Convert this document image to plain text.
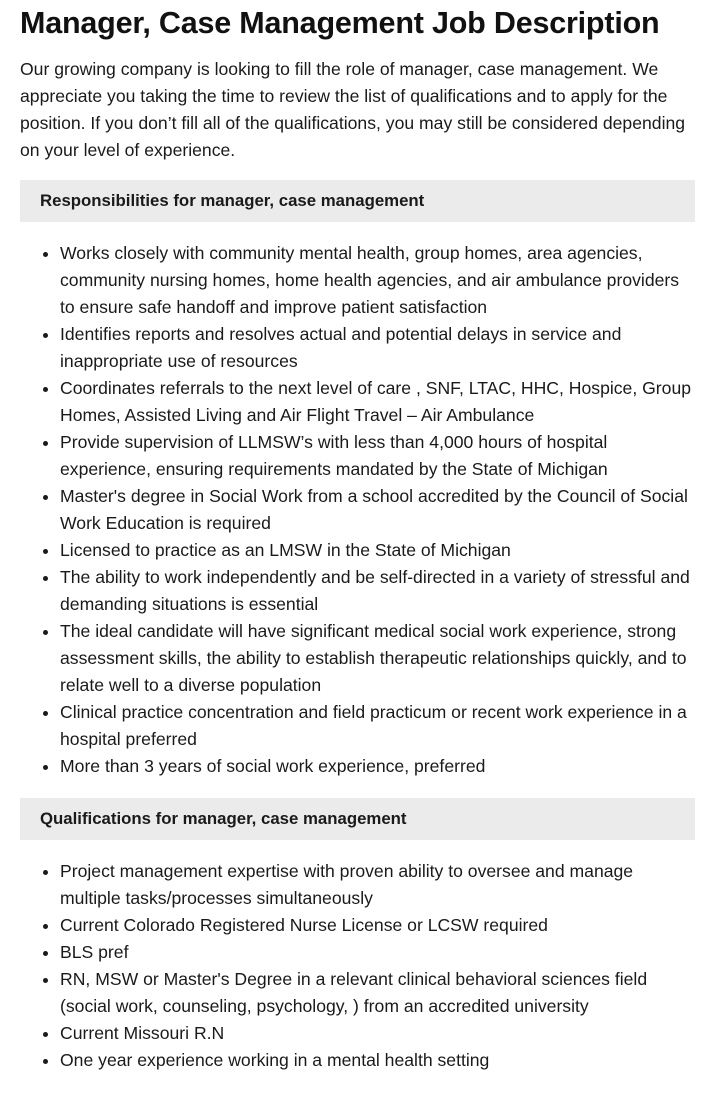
Manager, Case Management Job Description

Our growing company is looking to fill the role of manager, case management. We appreciate you taking the time to review the list of qualifications and to apply for the position. If you don’t fill all of the qualifications, you may still be considered depending on your level of experience.

Responsibilities for manager, case management
• Works closely with community mental health, group homes, area agencies, community nursing homes, home health agencies, and air ambulance providers to ensure safe handoff and improve patient satisfaction
• Identifies reports and resolves actual and potential delays in service and inappropriate use of resources
• Coordinates referrals to the next level of care , SNF, LTAC, HHC, Hospice, Group Homes, Assisted Living and Air Flight Travel – Air Ambulance
• Provide supervision of LLMSW’s with less than 4,000 hours of hospital experience, ensuring requirements mandated by the State of Michigan
• Master's degree in Social Work from a school accredited by the Council of Social Work Education is required
• Licensed to practice as an LMSW in the State of Michigan
• The ability to work independently and be self-directed in a variety of stressful and demanding situations is essential
• The ideal candidate will have significant medical social work experience, strong assessment skills, the ability to establish therapeutic relationships quickly, and to relate well to a diverse population
• Clinical practice concentration and field practicum or recent work experience in a hospital preferred
• More than 3 years of social work experience, preferred
Qualifications for manager, case management
• Project management expertise with proven ability to oversee and manage multiple tasks/processes simultaneously
• Current Colorado Registered Nurse License or LCSW required
• BLS pref
• RN, MSW or Master's Degree in a relevant clinical behavioral sciences field (social work, counseling, psychology, ) from an accredited university
• Current Missouri R.N
• One year experience working in a mental health setting
